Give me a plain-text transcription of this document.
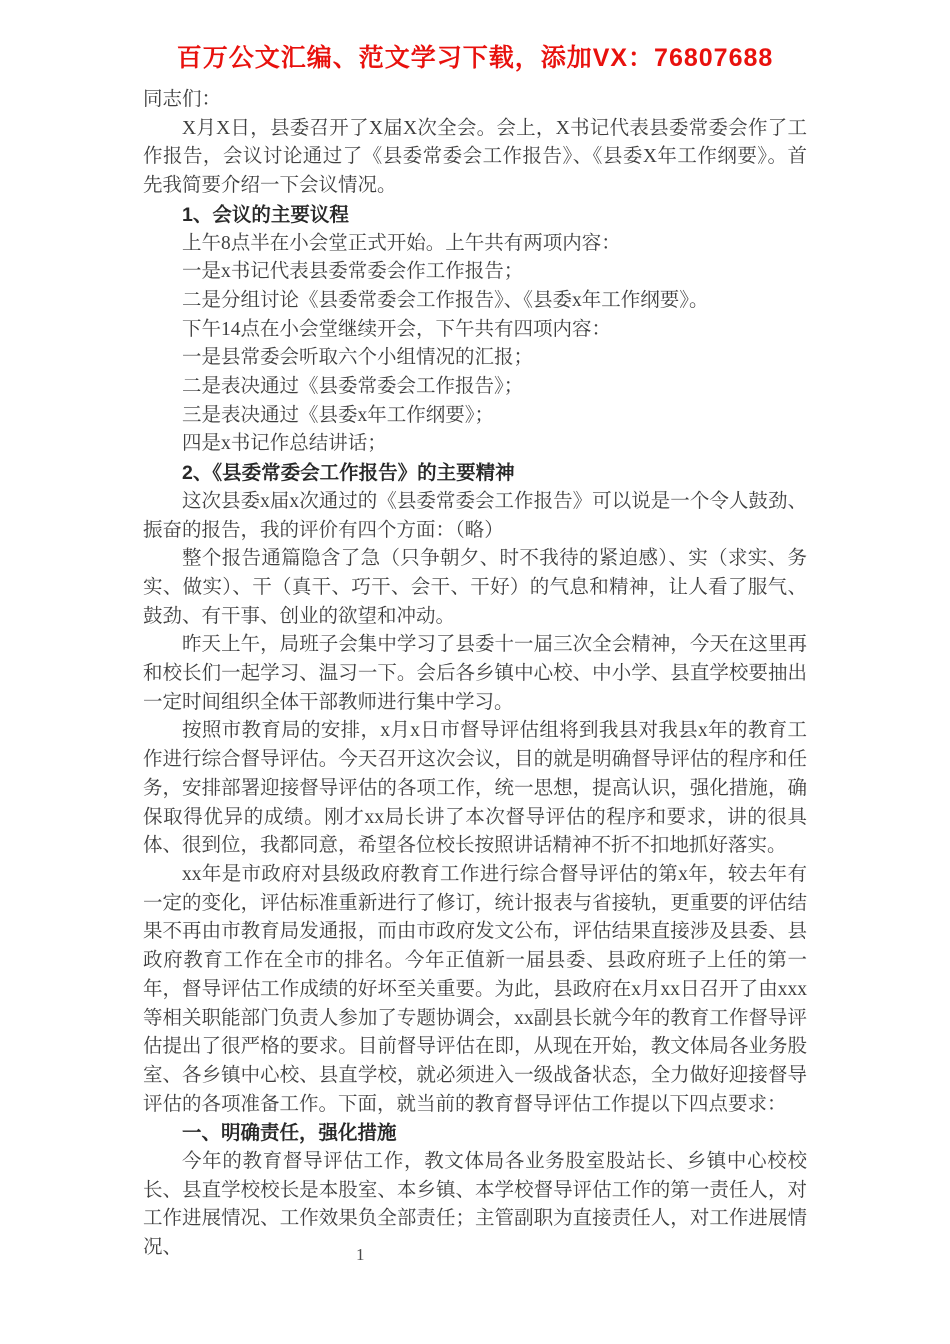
百万公文汇编、范文学习下载，添加VX：76807688

同志们：

X月X日，县委召开了X届X次全会。会上，X书记代表县委常委会作了工作报告，会议讨论通过了《县委常委会工作报告》、《县委X年工作纲要》。首先我简要介绍一下会议情况。

1、会议的主要议程

上午8点半在小会堂正式开始。上午共有两项内容：

一是x书记代表县委常委会作工作报告；

二是分组讨论《县委常委会工作报告》、《县委x年工作纲要》。

下午14点在小会堂继续开会，下午共有四项内容：

一是县常委会听取六个小组情况的汇报；

二是表决通过《县委常委会工作报告》；

三是表决通过《县委x年工作纲要》；

四是x书记作总结讲话；

2、《县委常委会工作报告》的主要精神

这次县委x届x次通过的《县委常委会工作报告》可以说是一个令人鼓劲、振奋的报告，我的评价有四个方面：（略）

整个报告通篇隐含了急（只争朝夕、时不我待的紧迫感）、实（求实、务实、做实）、干（真干、巧干、会干、干好）的气息和精神，让人看了服气、鼓劲、有干事、创业的欲望和冲动。

昨天上午，局班子会集中学习了县委十一届三次全会精神，今天在这里再和校长们一起学习、温习一下。会后各乡镇中心校、中小学、县直学校要抽出一定时间组织全体干部教师进行集中学习。

按照市教育局的安排，x月x日市督导评估组将到我县对我县x年的教育工作进行综合督导评估。今天召开这次会议，目的就是明确督导评估的程序和任务，安排部署迎接督导评估的各项工作，统一思想，提高认识，强化措施，确保取得优异的成绩。刚才xx局长讲了本次督导评估的程序和要求，讲的很具体、很到位，我都同意，希望各位校长按照讲话精神不折不扣地抓好落实。

xx年是市政府对县级政府教育工作进行综合督导评估的第x年，较去年有一定的变化，评估标准重新进行了修订，统计报表与省接轨，更重要的评估结果不再由市教育局发通报，而由市政府发文公布，评估结果直接涉及县委、县政府教育工作在全市的排名。今年正值新一届县委、县政府班子上任的第一年，督导评估工作成绩的好坏至关重要。为此，县政府在x月xx日召开了由xxx等相关职能部门负责人参加了专题协调会，xx副县长就今年的教育工作督导评估提出了很严格的要求。目前督导评估在即，从现在开始，教文体局各业务股室、各乡镇中心校、县直学校，就必须进入一级战备状态，全力做好迎接督导评估的各项准备工作。下面，就当前的教育督导评估工作提以下四点要求：

一、明确责任，强化措施

今年的教育督导评估工作，教文体局各业务股室股站长、乡镇中心校校长、县直学校校长是本股室、本乡镇、本学校督导评估工作的第一责任人，对工作进展情况、工作效果负全部责任；主管副职为直接责任人，对工作进展情况、	1
